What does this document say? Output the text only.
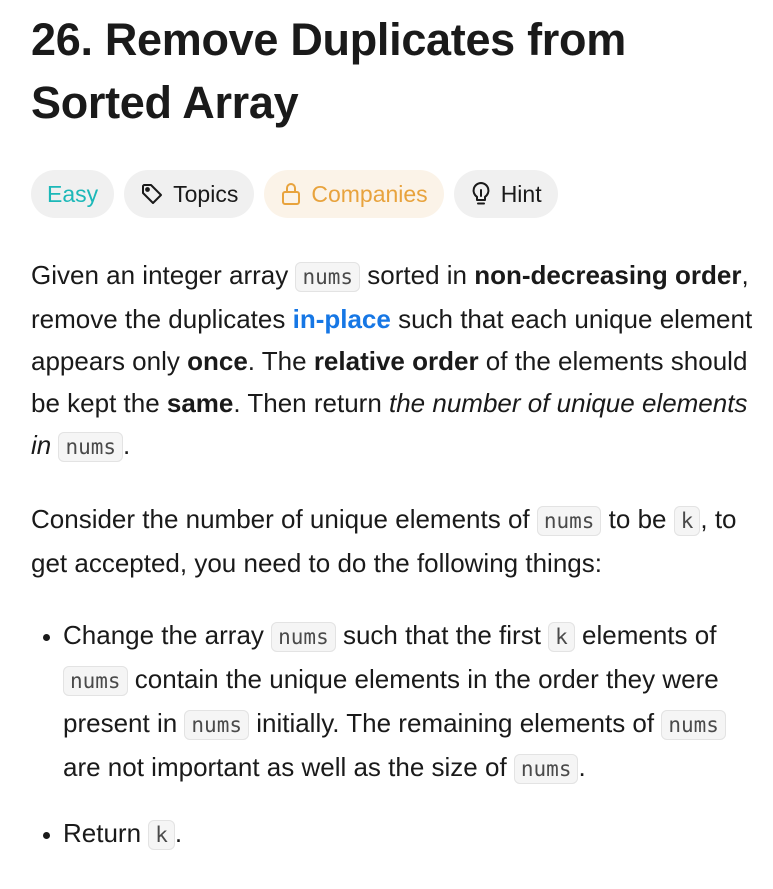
26. Remove Duplicates from Sorted Array
Easy	Topics	Companies	Hint

Given an integer array nums sorted in non-decreasing order, remove the duplicates in-place such that each unique element appears only once. The relative order of the elements should be kept the same. Then return the number of unique elements in nums .

Consider the number of unique elements of nums to be k , to get accepted, you need to do the following things:

• Change the array nums such that the first k elements of nums contain the unique elements in the order they were present in nums initially. The remaining elements of nums are not important as well as the size of nums .
• Return k .
